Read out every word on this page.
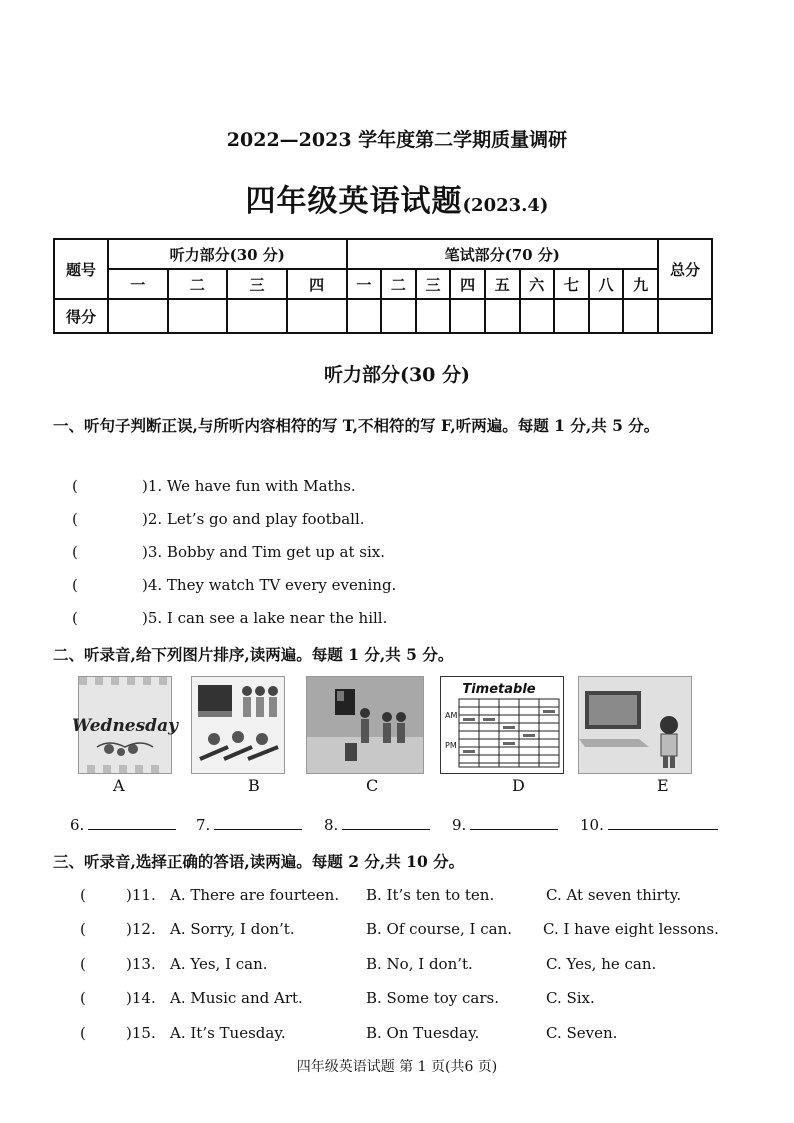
2022—2023 学年度第二学期质量调研
四年级英语试题(2023.4)
题号	听力部分(30 分)				笔试部分(70 分)									总分
	一	二	三	四	一	二	三	四	五	六	七	八	九	
得分														
听力部分(30 分)
一、听句子判断正误,与所听内容相符的写 T,不相符的写 F,听两遍。每题 1 分,共 5 分。
(	)1. We have fun with Maths.
(	)2. Let’s go and play football.
(	)3. Bobby and Tim get up at six.
(	)4. They watch TV every evening.
(	)5. I can see a lake near the hill.
二、听录音,给下列图片排序,读两遍。每题 1 分,共 5 分。
Wednesday
Timetable
AM
PM
A	B	C	D	E
6.	7.	8.	9.	10.
三、听录音,选择正确的答语,读两遍。每题 2 分,共 10 分。
(	)11. A. There are fourteen. B. It’s ten to ten.	C. At seven thirty.
(	)12. A. Sorry, I don’t.	B. Of course, I can. C. I have eight lessons.
(	)13. A. Yes, I can.	B. No, I don’t.	C. Yes, he can.
(	)14. A. Music and Art.	B. Some toy cars.	C. Six.
(	)15. A. It’s Tuesday.	B. On Tuesday.	C. Seven.
四年级英语试题 第 1 页(共6 页)
